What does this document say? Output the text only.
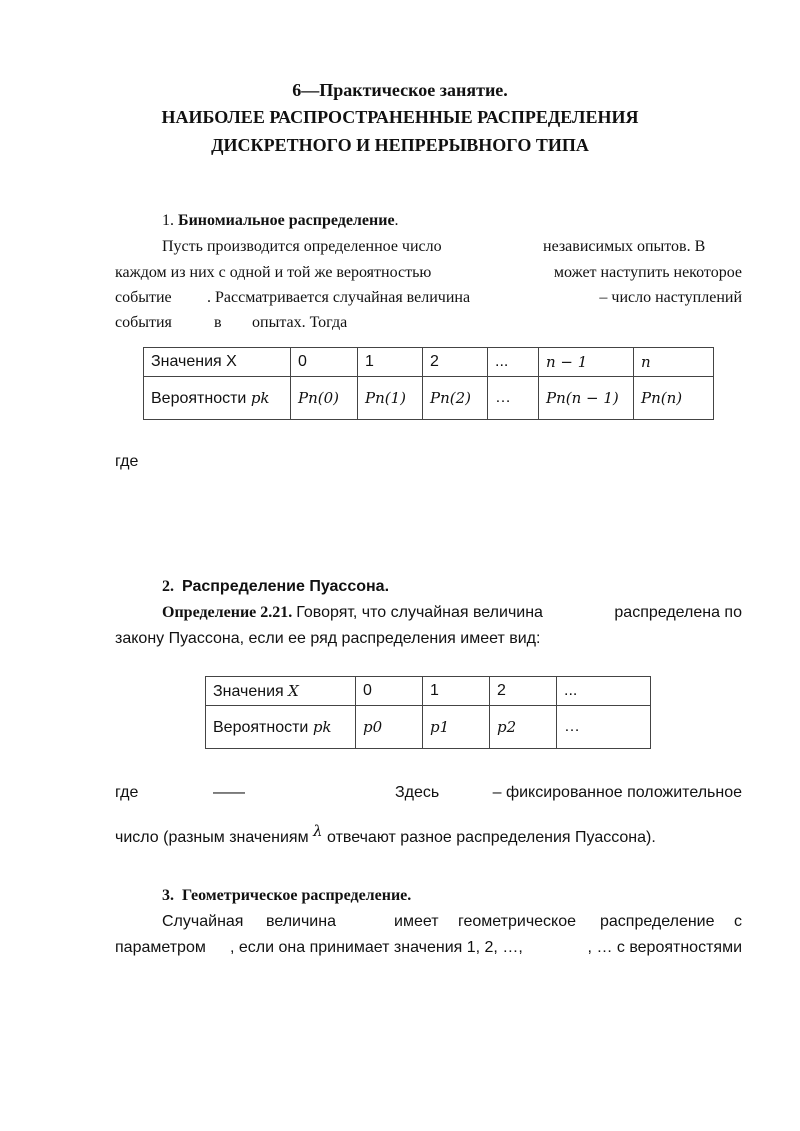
6—Практическое занятие.
НАИБОЛЕЕ РАСПРОСТРАНЕННЫЕ РАСПРЕДЕЛЕНИЯ
ДИСКРЕТНОГО И НЕПРЕРЫВНОГО ТИПА
1. Биномиальное распределение.
Пусть производится определенное число	независимых опытов. В
каждом из них с одной и той же вероятностью	может наступить некоторое
событие . Рассматривается случайная величина	– число наступлений
события	в опытах. Тогда
Значения X	0	1	2	...	n − 1	n
Вероятности pk	Pn(0)	Pn(1)	Pn(2)	…	Pn(n − 1)	Pn(n)
где
2. Распределение Пуассона.
Определение 2.21. Говорят, что случайная величина	распределена по
закону Пуассона, если ее ряд распределения имеет вид:
Значения X	0	1	2	...
Вероятности pk	p0	p1	p2	…
где	——	Здесь	– фиксированное положительное
число (разным значениям λ отвечают разное распределения Пуассона).
3. Геометрическое распределение.
Случайная величина	имеет геометрическое распределение с
параметром , если она принимает значения 1, 2, …,	, … с вероятностями
